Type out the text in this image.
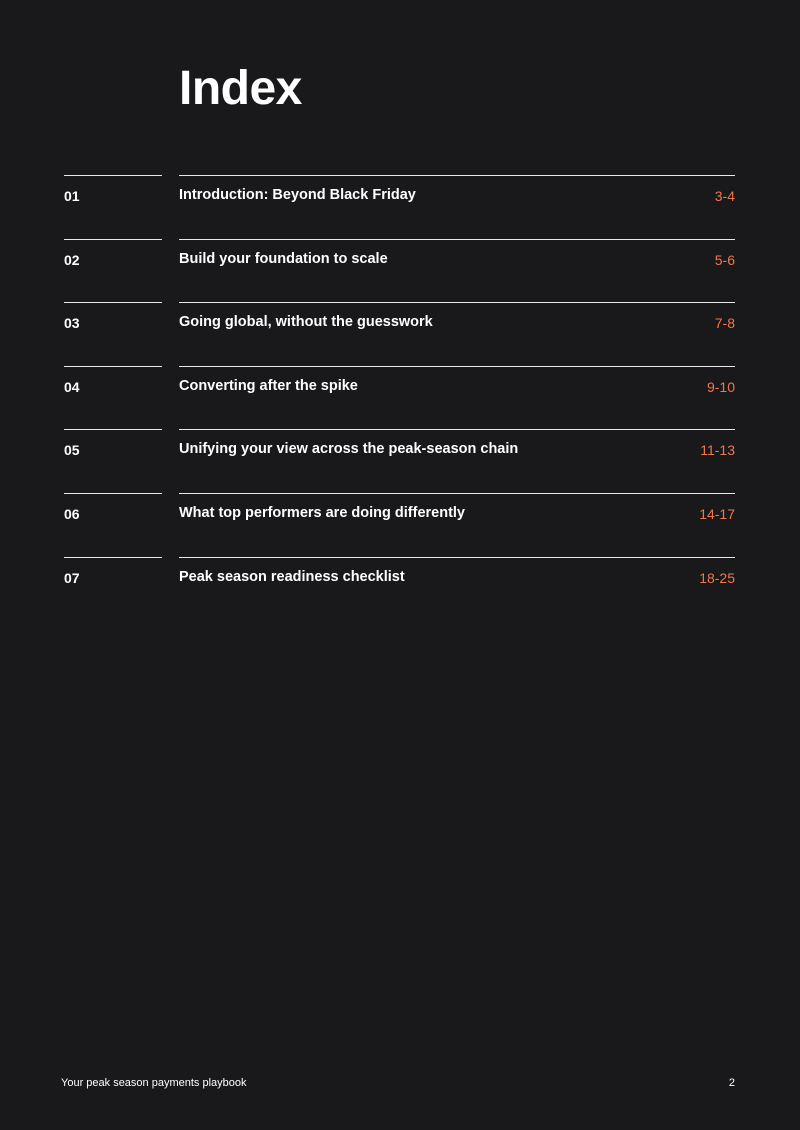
Index
01	Introduction: Beyond Black Friday	3-4
02	Build your foundation to scale	5-6
03	Going global, without the guesswork	7-8
04	Converting after the spike	9-10
05	Unifying your view across the peak-season chain	11-13
06	What top performers are doing differently	14-17
07	Peak season readiness checklist	18-25
Your peak season payments playbook	2
